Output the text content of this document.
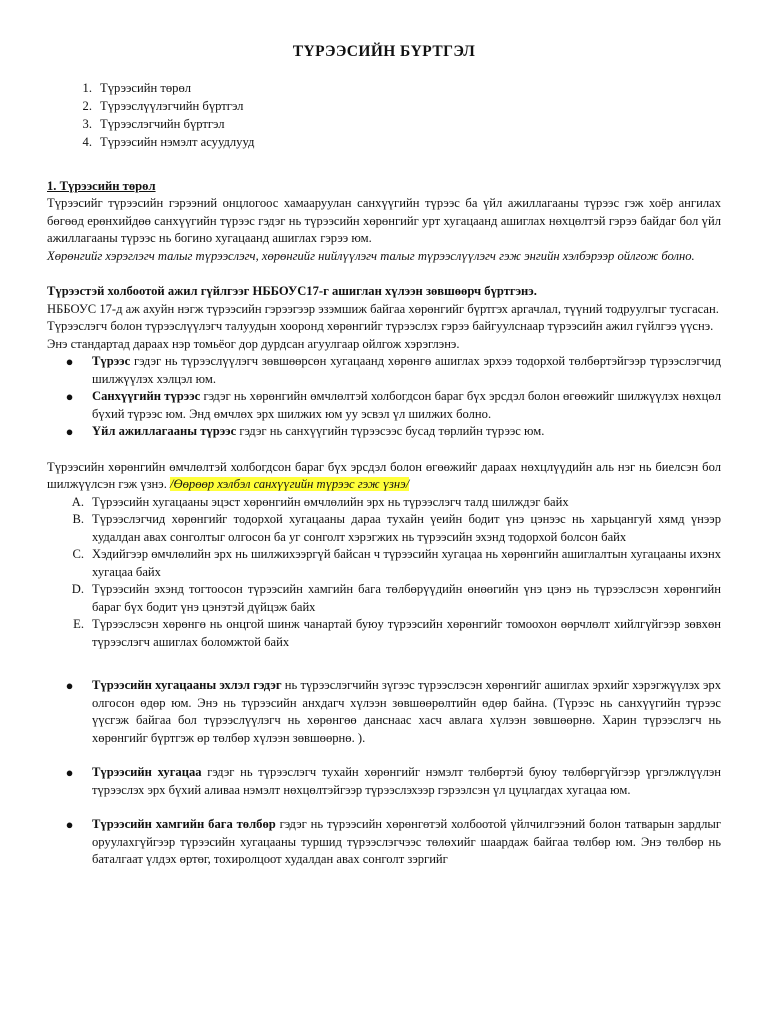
ТҮРЭЭСИЙН БҮРТГЭЛ
1. Түрээсийн төрөл
2. Түрээслүүлэгчийн бүртгэл
3. Түрээслэгчийн бүртгэл
4. Түрээсийн нэмэлт асуудлууд
1. Түрээсийн төрөл

Түрээсийг түрээсийн гэрээний онцлогоос хамааруулан санхүүгийн түрээс ба үйл ажиллагааны түрээс гэж хоёр ангилах бөгөөд ерөнхийдөө санхүүгийн түрээс гэдэг нь түрээсийн хөрөнгийг урт хугацаанд ашиглах нөхцөлтэй гэрээ байдаг бол үйл ажиллагааны түрээс нь богино хугацаанд ашиглах гэрээ юм.

Хөрөнгийг хэрэглэгч талыг түрээслэгч, хөрөнгийг нийлүүлэгч талыг түрээслүүлэгч гэж энгийн хэлбэрээр ойлгож болно.

Түрээстэй холбоотой ажил гүйлгээг НББОУС17-г ашиглан хүлээн зөвшөөрч бүртгэнэ.

НББОУС 17-д аж ахуйн нэгж түрээсийн гэрээгээр эзэмшиж байгаа хөрөнгийг бүртгэх аргачлал, түүний тодруулгыг тусгасан.

Түрээслэгч болон түрээслүүлэгч талуудын хооронд хөрөнгийг түрээслэх гэрээ байгуулснаар түрээсийн ажил гүйлгээ үүснэ.

Энэ стандартад дараах нэр томьёог дор дурдсан агуулгаар ойлгож хэрэглэнэ.

●	Түрээс гэдэг нь түрээслүүлэгч зөвшөөрсөн хугацаанд хөрөнгө ашиглах эрхээ тодорхой төлбөртэйгээр түрээслэгчид шилжүүлэх хэлцэл юм.
●	Санхүүгийн түрээс гэдэг нь хөрөнгийн өмчлөлтэй холбогдсон бараг бүх эрсдэл болон өгөөжийг шилжүүлэх нөхцөл бүхий түрээс юм. Энд өмчлөх эрх шилжих юм уу эсвэл үл шилжих болно.
●	Үйл ажиллагааны түрээс гэдэг нь санхүүгийн түрээсээс бусад төрлийн түрээс юм.

Түрээсийн хөрөнгийн өмчлөлтэй холбогдсон бараг бүх эрсдэл болон өгөөжийг дараах нөхцлүүдийн аль нэг нь биелсэн бол шилжүүлсэн гэж үзнэ. /Өөрөөр хэлбэл санхүүгийн түрээс гэж үзнэ/

A. Түрээсийн хугацааны эцэст хөрөнгийн өмчлөлийн эрх нь түрээслэгч талд шилждэг байх
B. Түрээслэгчид хөрөнгийг тодорхой хугацааны дараа тухайн үеийн бодит үнэ цэнээс нь харьцангуй хямд үнээр худалдан авах сонголтыг олгосон ба уг сонголт хэрэгжих нь түрээсийн эхэнд тодорхой болсон байх
C. Хэдийгээр өмчлөлийн эрх нь шилжихээргүй байсан ч түрээсийн хугацаа нь хөрөнгийн ашиглалтын хугацааны ихэнх хугацаа байх
D. Түрээсийн эхэнд тогтоосон түрээсийн хамгийн бага төлбөрүүдийн өнөөгийн үнэ цэнэ нь түрээслэсэн хөрөнгийн бараг бүх бодит үнэ цэнэтэй дүйцэж байх
E. Түрээслэсэн хөрөнгө нь онцгой шинж чанартай буюу түрээсийн хөрөнгийг томоохон өөрчлөлт хийлгүйгээр зөвхөн түрээслэгч ашиглах боломжтой байх
●	Түрээсийн хугацааны эхлэл гэдэг нь түрээслэгчийн зүгээс түрээслэсэн хөрөнгийг ашиглах эрхийг хэрэгжүүлэх эрх олгосон өдөр юм. Энэ нь түрээсийн анхдагч хүлээн зөвшөөрөлтийн өдөр байна. (Түрээс нь санхүүгийн түрээс үүсгэж байгаа бол түрээслүүлэгч нь хөрөнгөө данснаас хасч авлага хүлээн зөвшөөрнө. Харин түрээслэгч нь хөрөнгийг бүртгэж өр төлбөр хүлээн зөвшөөрнө. ).
●	Түрээсийн хугацаа гэдэг нь түрээслэгч тухайн хөрөнгийг нэмэлт төлбөртэй буюу төлбөргүйгээр үргэлжлүүлэн түрээслэх эрх бүхий аливаа нэмэлт нөхцөлтэйгээр түрээслэхээр гэрээлсэн үл цуцлагдах хугацаа юм.
●	Түрээсийн хамгийн бага төлбөр гэдэг нь түрээсийн хөрөнгөтэй холбоотой үйлчилгээний болон татварын зардлыг оруулахгүйгээр түрээсийн хугацааны туршид түрээслэгчээс төлөхийг шаардаж байгаа төлбөр юм. Энэ төлбөр нь баталгаат үлдэх өртөг, тохиролцоот худалдан авах сонголт зэргийг
